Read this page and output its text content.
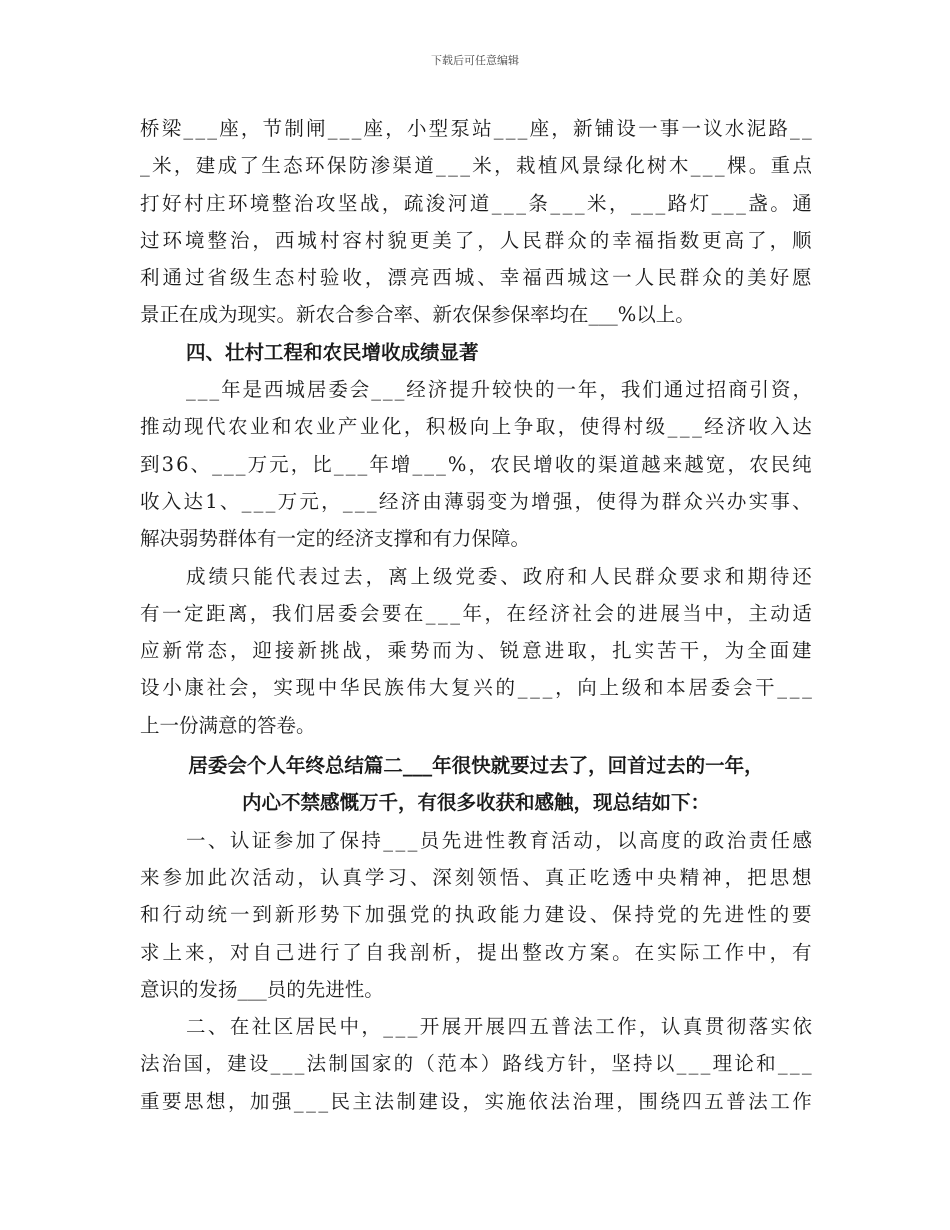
下载后可任意编辑
桥 梁 _ _ _ 座 ， 节 制 闸 _ _ _ 座 ， 小 型 泵 站 _ _ _ 座 ， 新 铺 设 一 事 一 议 水 泥 路 _ _
_ 米 ， 建 成 了 生 态 环 保 防 渗 渠 道 _ _ _ 米 ， 栽 植 风 景 绿 化 树 木 _ _ _ 棵 。 重 点
打 好 村 庄 环 境 整 治 攻 坚 战 ， 疏 浚 河 道 _ _ _ 条 _ _ _ 米 ， _ _ _ 路 灯 _ _ _ 盏 。 通
过 环 境 整 治 ， 西 城 村 容 村 貌 更 美 了 ， 人 民 群 众 的 幸 福 指 数 更 高 了 ， 顺
利 通 过 省 级 生 态 村 验 收 ， 漂 亮 西 城 、 幸 福 西 城 这 一 人 民 群 众 的 美 好 愿
景正在成为现实。新农合参合率、新农保参保率均在___%以上。
四、壮村工程和农民增收成绩显著
_ _ _ 年 是 西 城 居 委 会 _ _ _ 经 济 提 升 较 快 的 一 年 ， 我 们 通 过 招 商 引 资 ，
推 动 现 代 农 业 和 农 业 产 业 化 ， 积 极 向 上 争 取 ， 使 得 村 级 _ _ _ 经 济 收 入 达
到 3 6 、 _ _ _ 万 元 ， 比 _ _ _ 年 增 _ _ _ % ， 农 民 增 收 的 渠 道 越 来 越 宽 ， 农 民 纯
收 入 达 1 、 _ _ _ 万 元 ， _ _ _ 经 济 由 薄 弱 变 为 增 强 ， 使 得 为 群 众 兴 办 实 事 、
解决弱势群体有一定的经济支撑和有力保障。
成 绩 只 能 代 表 过 去 ， 离 上 级 党 委 、 政 府 和 人 民 群 众 要 求 和 期 待 还
有 一 定 距 离 ， 我 们 居 委 会 要 在 _ _ _ 年 ， 在 经 济 社 会 的 进 展 当 中 ， 主 动 适
应 新 常 态 ， 迎 接 新 挑 战 ， 乘 势 而 为 、 锐 意 进 取 ， 扎 实 苦 干 ， 为 全 面 建
设 小 康 社 会 ， 实 现 中 华 民 族 伟 大 复 兴 的 _ _ _ ， 向 上 级 和 本 居 委 会 干 _ _ _
上一份满意的答卷。
居委会个人年终总结篇二___年很快就要过去了，回首过去的一年，
内心不禁感慨万千，有很多收获和感触，现总结如下：
一 、 认 证 参 加 了 保 持 _ _ _ 员 先 进 性 教 育 活 动 ， 以 高 度 的 政 治 责 任 感
来 参 加 此 次 活 动 ， 认 真 学 习 、 深 刻 领 悟 、 真 正 吃 透 中 央 精 神 ， 把 思 想
和 行 动 统 一 到 新 形 势 下 加 强 党 的 执 政 能 力 建 设 、 保 持 党 的 先 进 性 的 要
求 上 来 ， 对 自 己 进 行 了 自 我 剖 析 ， 提 出 整 改 方 案 。 在 实 际 工 作 中 ， 有
意识的发扬___员的先进性。
二 、 在 社 区 居 民 中 ， _ _ _ 开 展 开 展 四 五 普 法 工 作 ， 认 真 贯 彻 落 实 依
法 治 国 ， 建 设 _ _ _ 法 制 国 家 的 （ 范 本 ） 路 线 方 针 ， 坚 持 以 _ _ _ 理 论 和 _ _ _
重 要 思 想 ， 加 强 _ _ _ 民 主 法 制 建 设 ， 实 施 依 法 治 理 ， 围 绕 四 五 普 法 工 作
